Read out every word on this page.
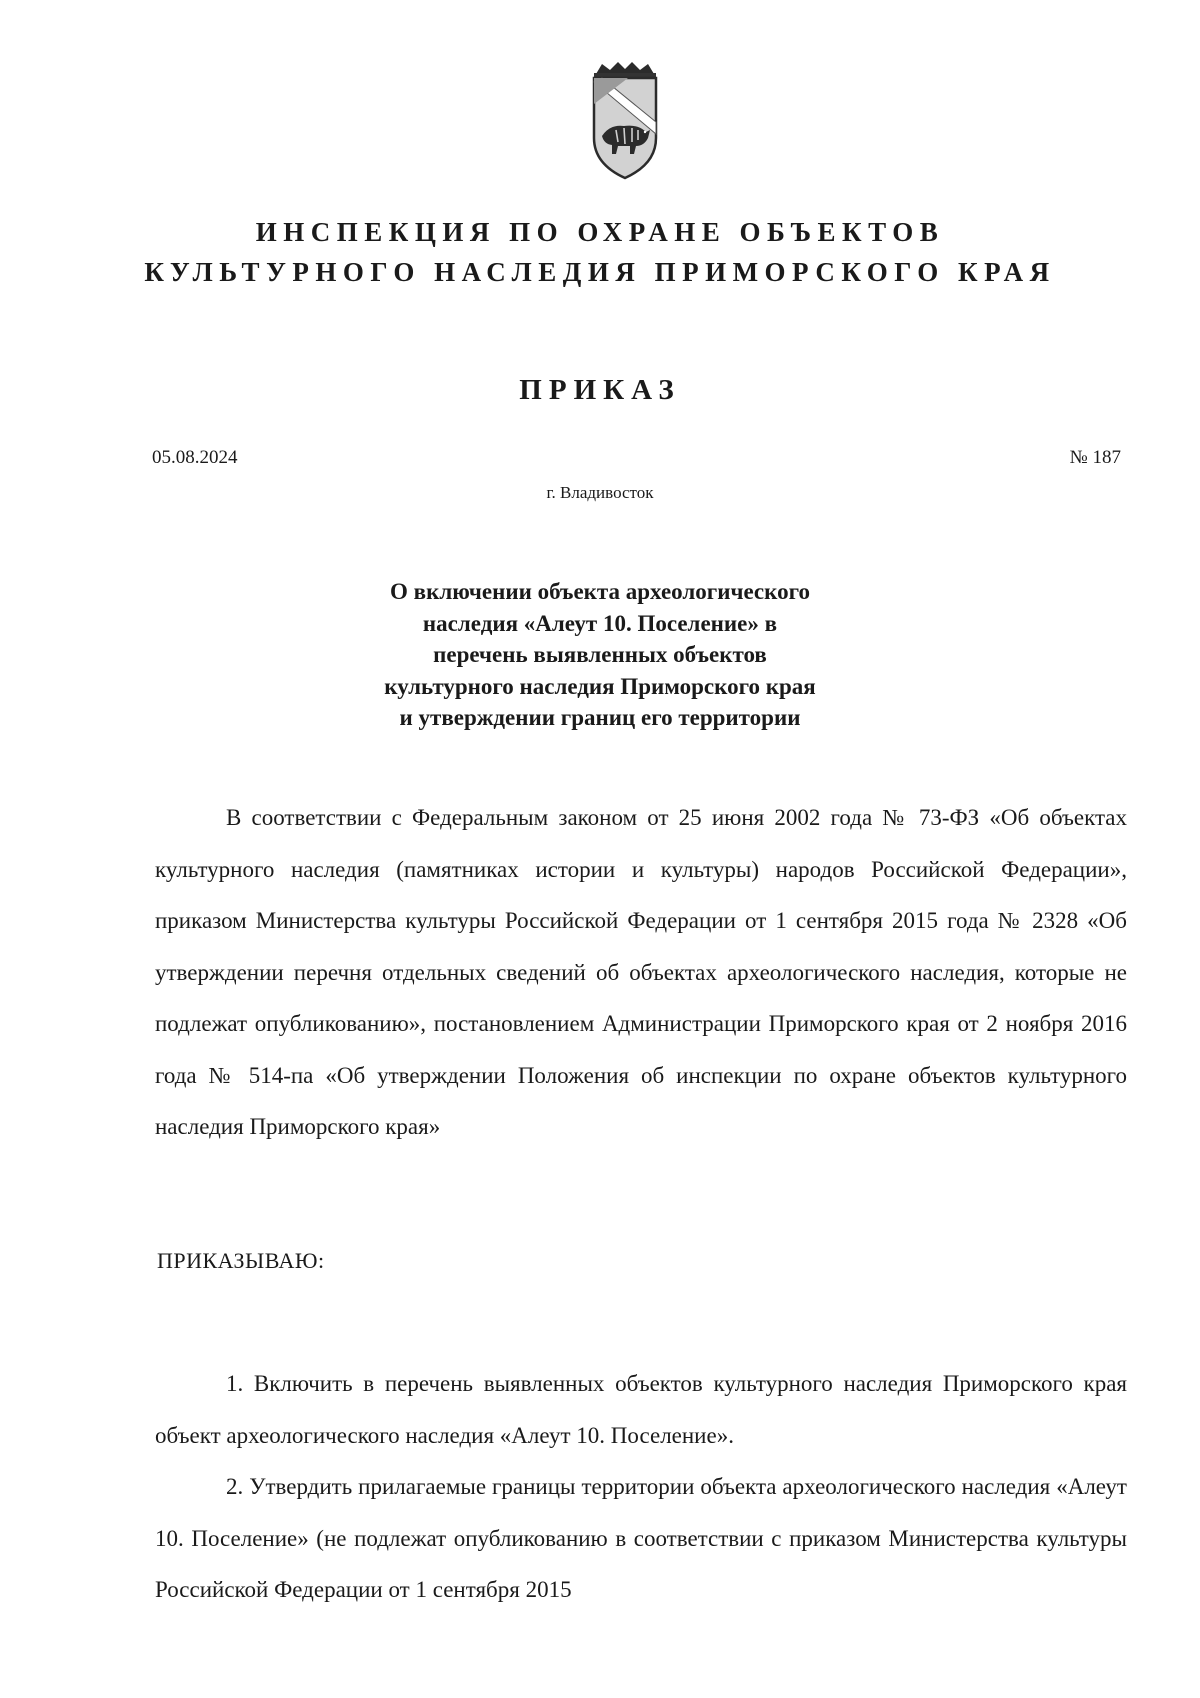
ИНСПЕКЦИЯ ПО ОХРАНЕ ОБЪЕКТОВ
КУЛЬТУРНОГО НАСЛЕДИЯ ПРИМОРСКОГО КРАЯ
ПРИКАЗ
05.08.2024	№ 187
г. Владивосток
О включении объекта археологического
наследия «Алеут 10. Поселение» в
перечень выявленных объектов
культурного наследия Приморского края
и утверждении границ его территории

В соответствии с Федеральным законом от 25 июня 2002 года № 73-ФЗ «Об объектах культурного наследия (памятниках истории и культуры) народов Российской Федерации», приказом Министерства культуры Российской Федерации от 1 сентября 2015 года № 2328 «Об утверждении перечня отдельных сведений об объектах археологического наследия, которые не подлежат опубликованию», постановлением Администрации Приморского края от 2 ноября 2016 года № 514-па «Об утверждении Положения об инспекции по охране объектов культурного наследия Приморского края»

ПРИКАЗЫВАЮ:

1. Включить в перечень выявленных объектов культурного наследия Приморского края объект археологического наследия «Алеут 10. Поселение».

2. Утвердить прилагаемые границы территории объекта археологического наследия «Алеут 10. Поселение» (не подлежат опубликованию в соответствии с приказом Министерства культуры Российской Федерации от 1 сентября 2015
